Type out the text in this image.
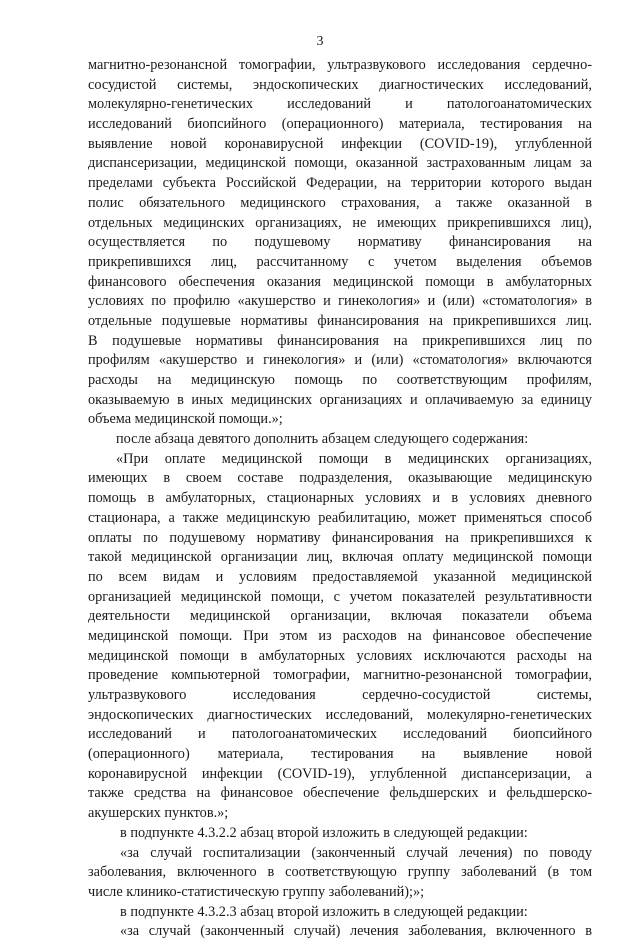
3
магнитно-резонансной томографии, ультразвукового исследования сердечно-
сосудистой системы, эндоскопических диагностических исследований,
молекулярно-генетических исследований и патологоанатомических
исследований биопсийного (операционного) материала, тестирования на
выявление новой коронавирусной инфекции (COVID-19), углубленной
диспансеризации, медицинской помощи, оказанной застрахованным лицам за
пределами субъекта Российской Федерации, на территории которого выдан
полис обязательного медицинского страхования, а также оказанной в
отдельных медицинских организациях, не имеющих прикрепившихся лиц),
осуществляется по подушевому нормативу финансирования на
прикрепившихся лиц, рассчитанному с учетом выделения объемов
финансового обеспечения оказания медицинской помощи в амбулаторных
условиях по профилю «акушерство и гинекология» и (или) «стоматология» в
отдельные подушевые нормативы финансирования на прикрепившихся лиц.
В подушевые нормативы финансирования на прикрепившихся лиц по
профилям «акушерство и гинекология» и (или) «стоматология» включаются
расходы на медицинскую помощь по соответствующим профилям,
оказываемую в иных медицинских организациях и оплачиваемую за единицу
объема медицинской помощи.»;
после абзаца девятого дополнить абзацем следующего содержания:
«При оплате медицинской помощи в медицинских организациях,
имеющих в своем составе подразделения, оказывающие медицинскую
помощь в амбулаторных, стационарных условиях и в условиях дневного
стационара, а также медицинскую реабилитацию, может применяться способ
оплаты по подушевому нормативу финансирования на прикрепившихся к
такой медицинской организации лиц, включая оплату медицинской помощи
по всем видам и условиям предоставляемой указанной медицинской
организацией медицинской помощи, с учетом показателей результативности
деятельности медицинской организации, включая показатели объема
медицинской помощи. При этом из расходов на финансовое обеспечение
медицинской помощи в амбулаторных условиях исключаются расходы на
проведение компьютерной томографии, магнитно-резонансной томографии,
ультразвукового исследования сердечно-сосудистой системы,
эндоскопических диагностических исследований, молекулярно-генетических
исследований и патологоанатомических исследований биопсийного
(операционного) материала, тестирования на выявление новой
коронавирусной инфекции (COVID-19), углубленной диспансеризации, а
также средства на финансовое обеспечение фельдшерских и фельдшерско-
акушерских пунктов.»;
в подпункте 4.3.2.2 абзац второй изложить в следующей редакции:
«за случай госпитализации (законченный случай лечения) по поводу
заболевания, включенного в соответствующую группу заболеваний (в том
числе клинико-статистическую группу заболеваний);»;
в подпункте 4.3.2.3 абзац второй изложить в следующей редакции:
«за случай (законченный случай) лечения заболевания, включенного в
